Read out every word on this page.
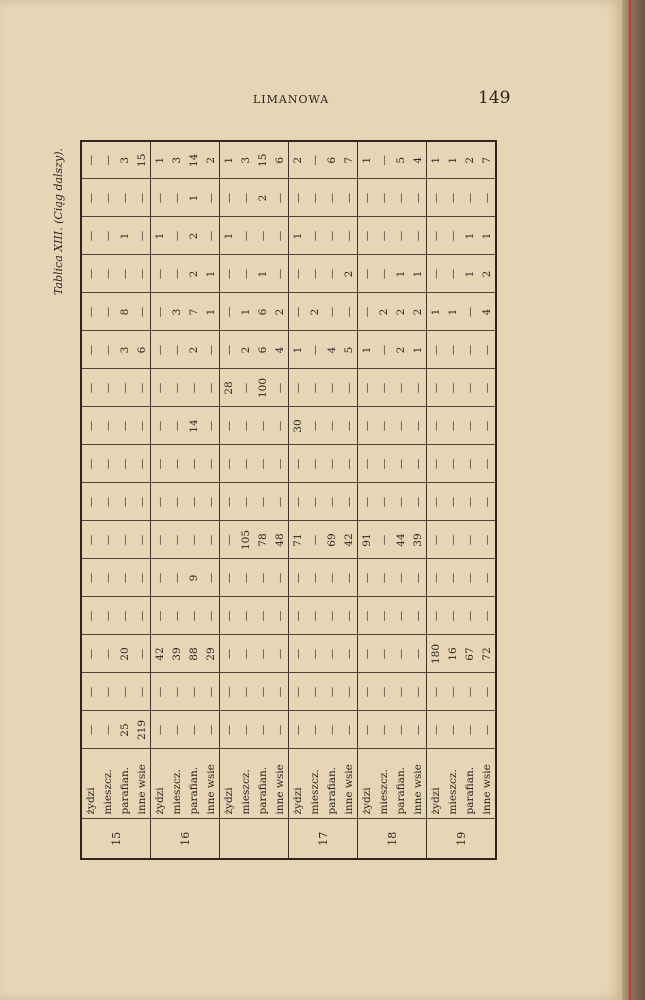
LIMANOWA	149
Tablica XIII. (Ciąg dalszy).
15	żydzi	—	—	—	—	—	—	—	—	—	—	—	—	—	—	—	—
	mieszcz.	—	—	—	—	—	—	—	—	—	—	—	—	—	—	—	—
	parafian.	25	—	20	—	—	—	—	—	—	—	3	8	—	1	—	3
	inne wsie	219	—	—	—	—	—	—	—	—	—	6	—	—	—	—	15
16	żydzi	—	—	42	—	—	—	—	—	—	—	—	—	—	1	—	1
	mieszcz.	—	—	39	—	—	—	—	—	—	—	—	3	—	—	—	3
	parafian.	—	—	88	—	9	—	—	—	14	—	2	7	2	2	1	14
	inne wsie	—	—	29	—	—	—	—	—	—	—	—	1	1	—	—	2
	żydzi	—	—	—	—	—	—	—	—	—	28	—	—	—	1	—	1
	mieszcz.	—	—	—	—	—	105	—	—	—	—	2	1	—	—	—	3
	parafian.	—	—	—	—	—	78	—	—	—	100	6	6	1	—	2	15
	inne wsie	—	—	—	—	—	48	—	—	—	—	4	2	—	—	—	6
17	żydzi	—	—	—	—	—	71	—	—	30	—	1	—	—	1	—	2
	mieszcz.	—	—	—	—	—	—	—	—	—	—	—	2	—	—	—	—
	parafian.	—	—	—	—	—	69	—	—	—	—	4	—	—	—	—	6
	inne wsie	—	—	—	—	—	42	—	—	—	—	5	—	2	—	—	7
18	żydzi	—	—	—	—	—	91	—	—	—	—	1	—	—	—	—	1
	mieszcz.	—	—	—	—	—	—	—	—	—	—	—	2	—	—	—	—
	parafian.	—	—	—	—	—	44	—	—	—	—	2	2	1	—	—	5
	inne wsie	—	—	—	—	—	39	—	—	—	—	1	2	1	—	—	4
19	żydzi	—	—	180	—	—	—	—	—	—	—	—	1	—	—	—	1
	mieszcz.	—	—	16	—	—	—	—	—	—	—	—	1	—	—	—	1
	parafian.	—	—	67	—	—	—	—	—	—	—	—	—	1	1	—	2
	inne wsie	—	—	72	—	—	—	—	—	—	—	—	4	2	1	—	7
